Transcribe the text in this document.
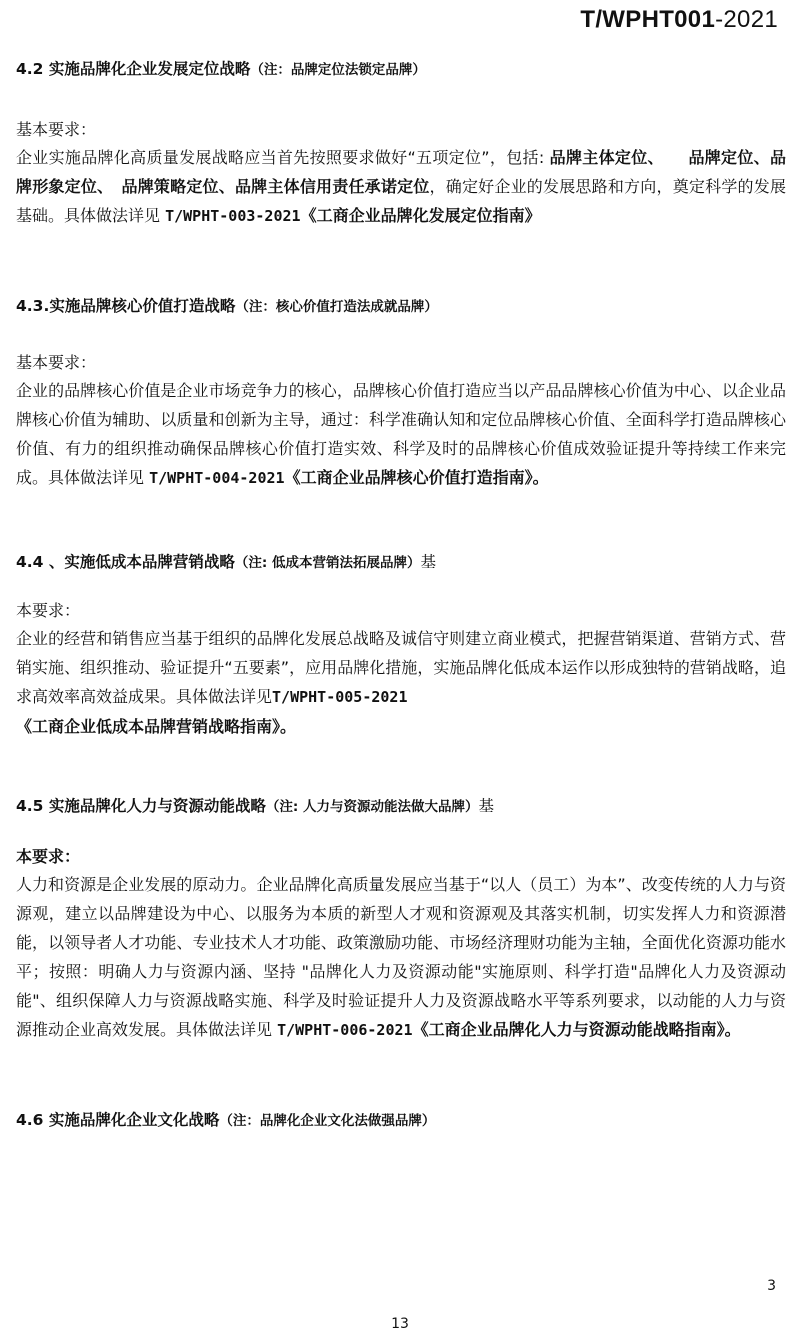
T/WPHT001-2021
4.2 实施品牌化企业发展定位战略（注：品牌定位法锁定品牌）
基本要求：

企业实施品牌化高质量发展战略应当首先按照要求做好“五项定位”，包括: 品牌主体定位、　　品牌定位、品牌形象定位、　品牌策略定位、品牌主体信用责任承诺定位，确定好企业的发展思路和方向，奠定科学的发展基础。具体做法详见 T/WPHT-003-2021《工商企业品牌化发展定位指南》

4.3.实施品牌核心价值打造战略（注：核心价值打造法成就品牌）
基本要求：

企业的品牌核心价值是企业市场竞争力的核心，品牌核心价值打造应当以产品品牌核心价值为中心、以企业品牌核心价值为辅助、以质量和创新为主导，通过：科学准确认知和定位品牌核心价值、全面科学打造品牌核心价值、有力的组织推动确保品牌核心价值打造实效、科学及时的品牌核心价值成效验证提升等持续工作来完成。具体做法详见 T/WPHT-004-2021《工商企业品牌核心价值打造指南》。

4.4 、实施低成本品牌营销战略（注: 低成本营销法拓展品牌）基
本要求：

企业的经营和销售应当基于组织的品牌化发展总战略及诚信守则建立商业模式，把握营销渠道、营销方式、营销实施、组织推动、验证提升“五要素”，应用品牌化措施，实施品牌化低成本运作以形成独特的营销战略，追求高效率高效益成果。具体做法详见T/WPHT-005-2021
《工商企业低成本品牌营销战略指南》。

4.5 实施品牌化人力与资源动能战略（注: 人力与资源动能法做大品牌）基
本要求：

人力和资源是企业发展的原动力。企业品牌化高质量发展应当基于“以人（员工）为本”、改变传统的人力与资源观，建立以品牌建设为中心、以服务为本质的新型人才观和资源观及其落实机制，切实发挥人力和资源潜能，以领导者人才功能、专业技术人才功能、政策激励功能、市场经济理财功能为主轴，全面优化资源功能水平；按照：明确人力与资源内涵、坚持 "品牌化人力及资源动能"实施原则、科学打造"品牌化人力及资源动能"、组织保障人力与资源战略实施、科学及时验证提升人力及资源战略水平等系列要求，以动能的人力与资源推动企业高效发展。具体做法详见 T/WPHT-006-2021《工商企业品牌化人力与资源动能战略指南》。

4.6 实施品牌化企业文化战略（注：品牌化企业文化法做强品牌）
3
13
